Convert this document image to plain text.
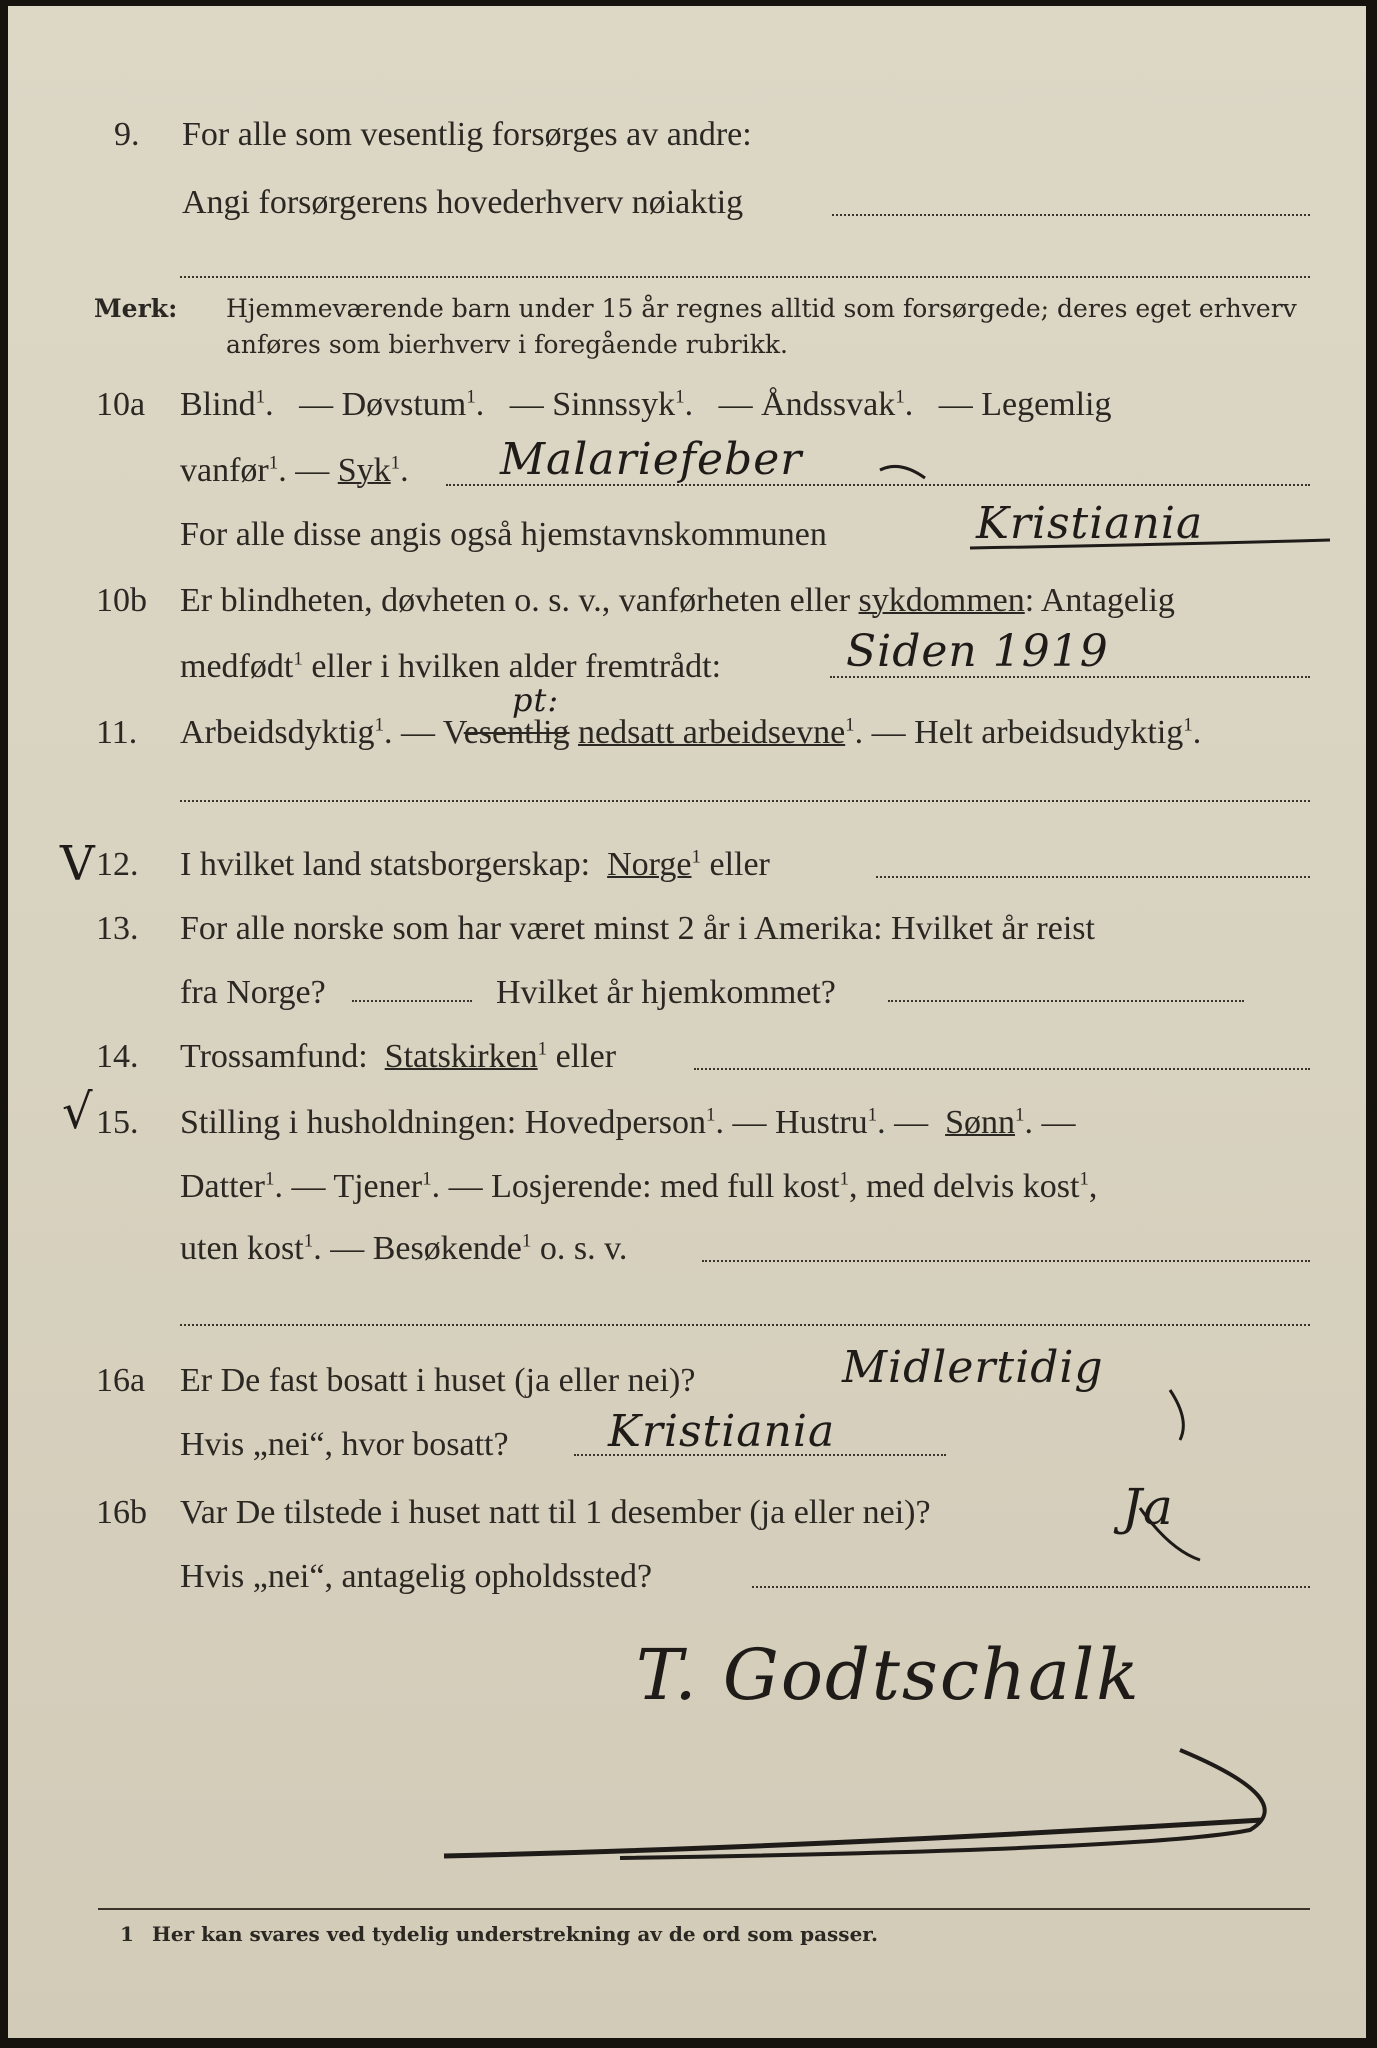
9. For alle som vesentlig forsørges av andre:
Angi forsørgerens hovederhverv nøiaktig
Merk: Hjemmeværende barn under 15 år regnes alltid som forsørgede; deres eget erhverv
anføres som bierhverv i foregående rubrikk.
10a Blind$^1$. — Døvstum$^1$. — Sinnssyk$^1$. — Åndssvak$^1$. — Legemlig
vanfør$^1$. — Syk$^1$. Malariefeber
For alle disse angis også hjemstavnskommunen	Kristiania
10b Er blindheten, døvheten o. s. v., vanførheten eller sykdommen: Antagelig
medfødt$^1$ eller i hvilken alder fremtrådt:	Siden 1919
11. Arbeidsdyktig$^1$. — Vesentlig nedsatt arbeidsevne$^1$. — Helt arbeidsudyktig$^1$.
pt:
V 12. I hvilket land statsborgerskap: Norge$^1$ eller
13. For alle norske som har været minst 2 år i Amerika: Hvilket år reist
fra Norge?	Hvilket år hjemkommet?
14. Trossamfund: Statskirken$^1$ eller
√ 15. Stilling i husholdningen: Hovedperson$^1$. — Hustru$^1$. — Sønn$^1$. —
Datter$^1$. — Tjener$^1$. — Losjerende: med full kost$^1$, med delvis kost$^1$,
uten kost$^1$. — Besøkende$^1$ o. s. v.
16a Er De fast bosatt i huset (ja eller nei)?	Midlertidig
Hvis „nei“, hvor bosatt? Kristiania
16b Var De tilstede i huset natt til 1 desember (ja eller nei)?	Ja
Hvis „nei“, antagelig opholdssted?
T. Godtschalk
1 Her kan svares ved tydelig understrekning av de ord som passer.
